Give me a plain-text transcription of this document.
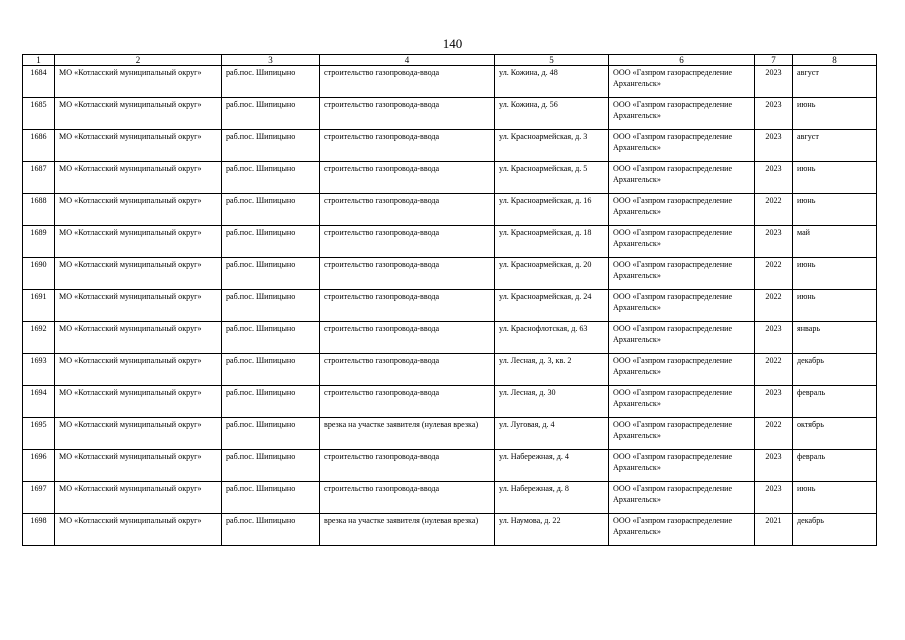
140
1	2	3	4	5	6	7	8
1684	МО «Котласский муниципальный округ»	раб.пос. Шипицыно	строительство газопровода-ввода	ул. Кожина, д. 48	ООО «Газпром газораспределение Архангельск»	2023	август
1685	МО «Котласский муниципальный округ»	раб.пос. Шипицыно	строительство газопровода-ввода	ул. Кожина, д. 56	ООО «Газпром газораспределение Архангельск»	2023	июнь
1686	МО «Котласский муниципальный округ»	раб.пос. Шипицыно	строительство газопровода-ввода	ул. Красноармейская, д. 3	ООО «Газпром газораспределение Архангельск»	2023	август
1687	МО «Котласский муниципальный округ»	раб.пос. Шипицыно	строительство газопровода-ввода	ул. Красноармейская, д. 5	ООО «Газпром газораспределение Архангельск»	2023	июнь
1688	МО «Котласский муниципальный округ»	раб.пос. Шипицыно	строительство газопровода-ввода	ул. Красноармейская, д. 16	ООО «Газпром газораспределение Архангельск»	2022	июнь
1689	МО «Котласский муниципальный округ»	раб.пос. Шипицыно	строительство газопровода-ввода	ул. Красноармейская, д. 18	ООО «Газпром газораспределение Архангельск»	2023	май
1690	МО «Котласский муниципальный округ»	раб.пос. Шипицыно	строительство газопровода-ввода	ул. Красноармейская, д. 20	ООО «Газпром газораспределение Архангельск»	2022	июнь
1691	МО «Котласский муниципальный округ»	раб.пос. Шипицыно	строительство газопровода-ввода	ул. Красноармейская, д. 24	ООО «Газпром газораспределение Архангельск»	2022	июнь
1692	МО «Котласский муниципальный округ»	раб.пос. Шипицыно	строительство газопровода-ввода	ул. Краснофлотская, д. 63	ООО «Газпром газораспределение Архангельск»	2023	январь
1693	МО «Котласский муниципальный округ»	раб.пос. Шипицыно	строительство газопровода-ввода	ул. Лесная, д. 3, кв. 2	ООО «Газпром газораспределение Архангельск»	2022	декабрь
1694	МО «Котласский муниципальный округ»	раб.пос. Шипицыно	строительство газопровода-ввода	ул. Лесная, д. 30	ООО «Газпром газораспределение Архангельск»	2023	февраль
1695	МО «Котласский муниципальный округ»	раб.пос. Шипицыно	врезка на участке заявителя (нулевая врезка)	ул. Луговая, д. 4	ООО «Газпром газораспределение Архангельск»	2022	октябрь
1696	МО «Котласский муниципальный округ»	раб.пос. Шипицыно	строительство газопровода-ввода	ул. Набережная, д. 4	ООО «Газпром газораспределение Архангельск»	2023	февраль
1697	МО «Котласский муниципальный округ»	раб.пос. Шипицыно	строительство газопровода-ввода	ул. Набережная, д. 8	ООО «Газпром газораспределение Архангельск»	2023	июнь
1698	МО «Котласский муниципальный округ»	раб.пос. Шипицыно	врезка на участке заявителя (нулевая врезка)	ул. Наумова, д. 22	ООО «Газпром газораспределение Архангельск»	2021	декабрь
